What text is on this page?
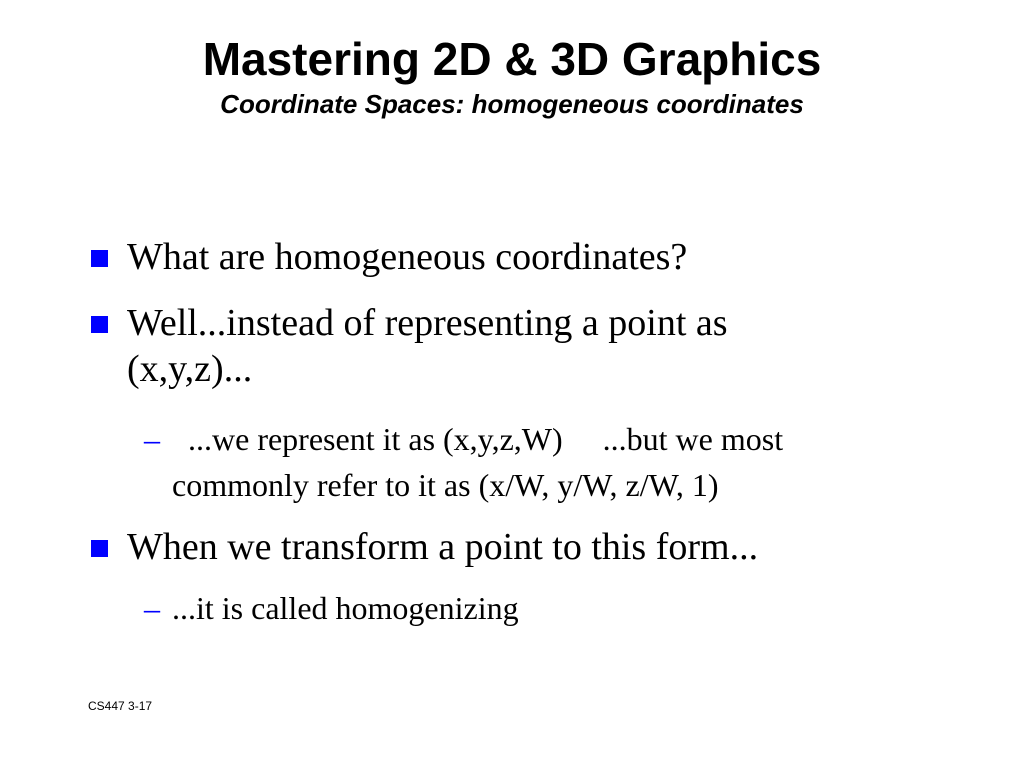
Mastering 2D & 3D Graphics
Coordinate Spaces: homogeneous coordinates
What are homogeneous coordinates?
Well...instead of representing a point as
(x,y,z)...
– ...we represent it as (x,y,z,W) ...but we most
commonly refer to it as (x/W, y/W, z/W, 1)
When we transform a point to this form...
– ...it is called homogenizing
CS447 3-17
